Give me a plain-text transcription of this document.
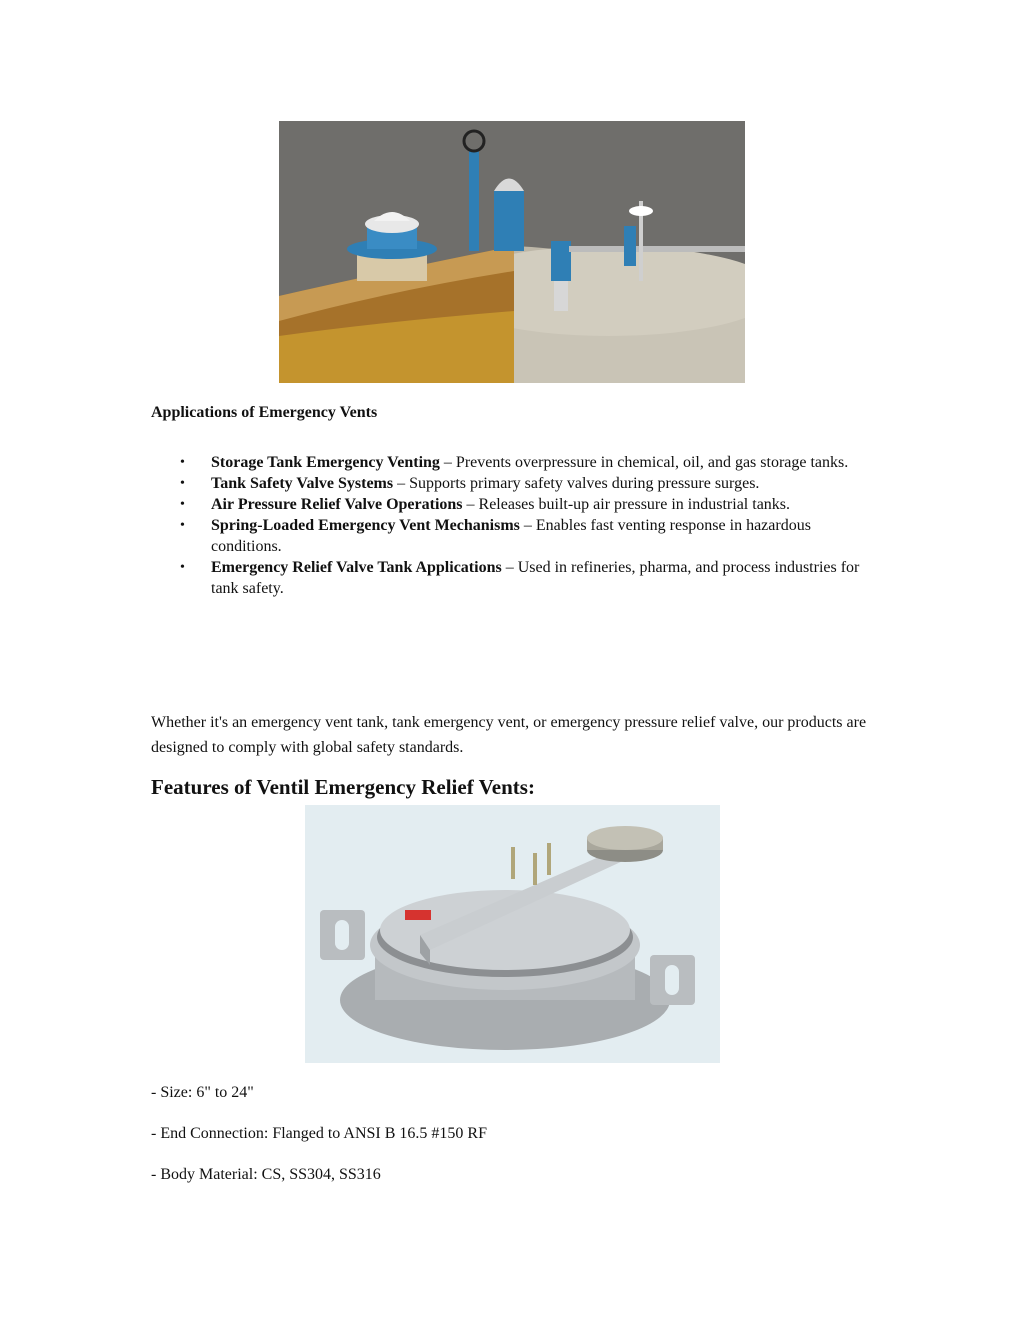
Applications of Emergency Vents
• Storage Tank Emergency Venting – Prevents overpressure in chemical, oil, and gas storage tanks.
• Tank Safety Valve Systems – Supports primary safety valves during pressure surges.
• Air Pressure Relief Valve Operations – Releases built-up air pressure in industrial tanks.
• Spring-Loaded Emergency Vent Mechanisms – Enables fast venting response in hazardous conditions.
• Emergency Relief Valve Tank Applications – Used in refineries, pharma, and process industries for tank safety.
Whether it's an emergency vent tank, tank emergency vent, or emergency pressure relief valve, our products are designed to comply with global safety standards.
Features of Ventil Emergency Relief Vents:
- Size: 6" to 24"
- End Connection: Flanged to ANSI B 16.5 #150 RF
- Body Material: CS, SS304, SS316
